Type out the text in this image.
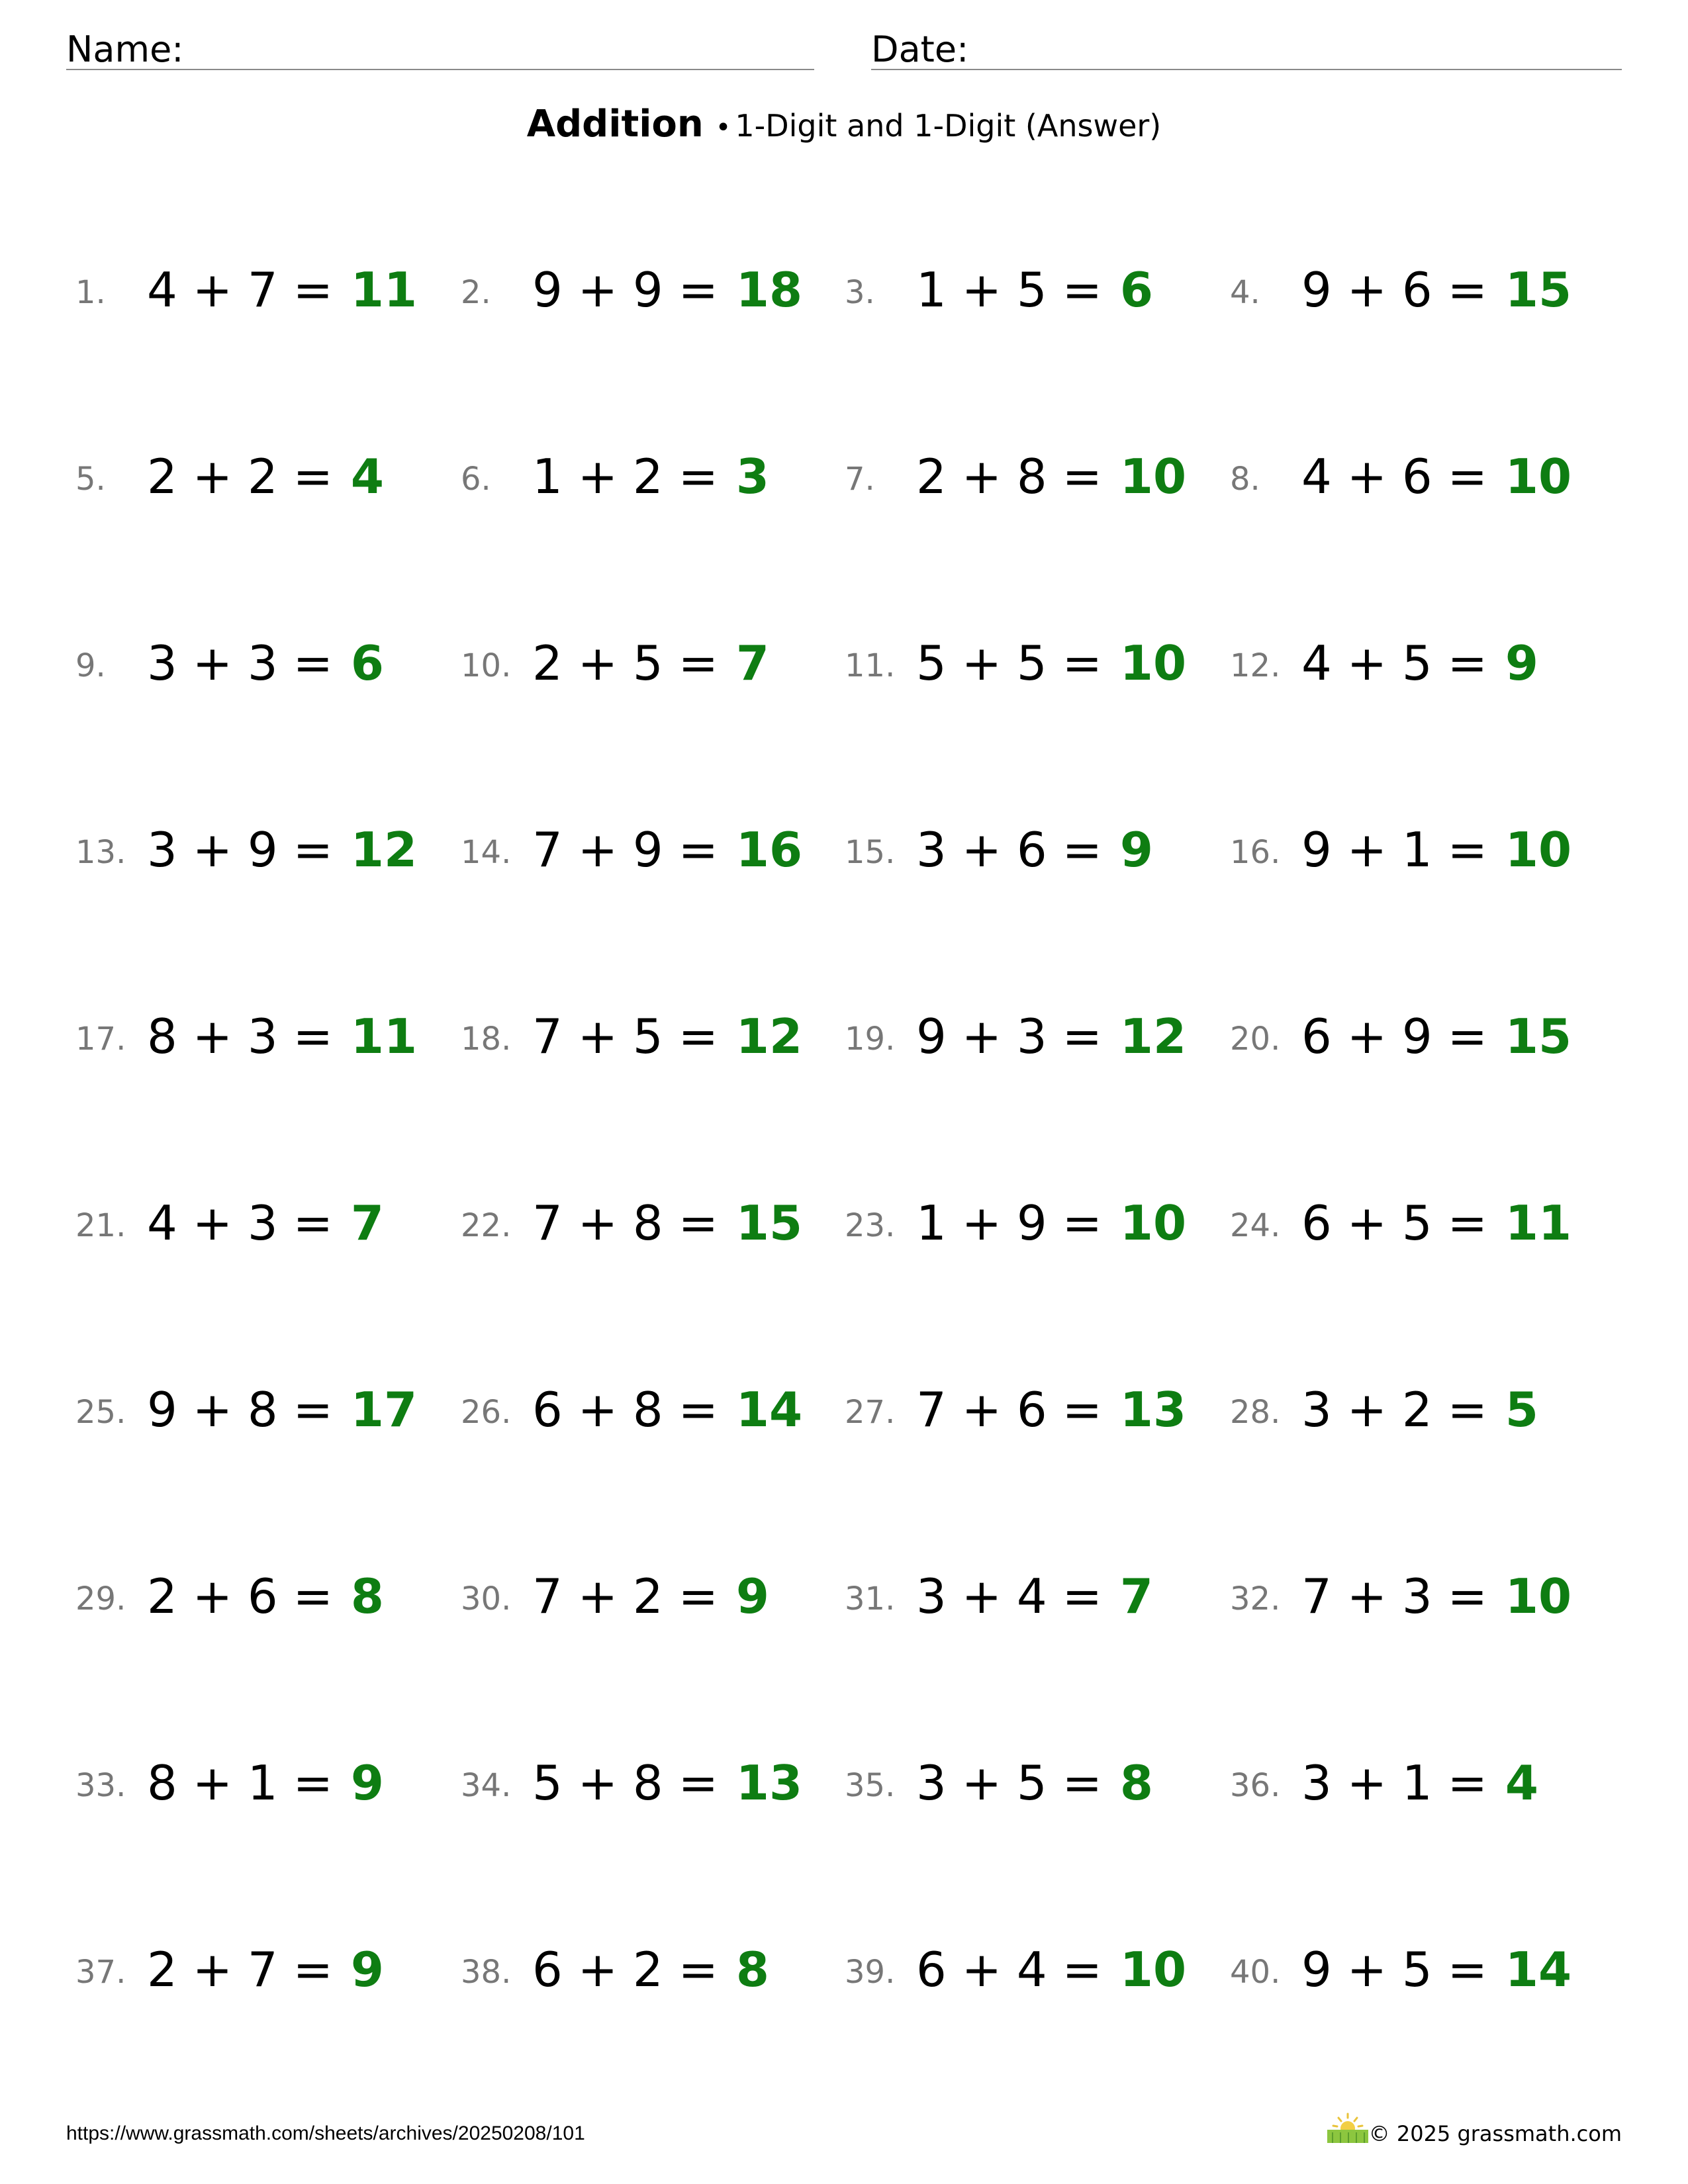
Name:	Date:
Addition • 1-Digit and 1-Digit (Answer)
1. 4 + 7 = 11 2. 9 + 9 = 18 3. 1 + 5 = 6 4. 9 + 6 = 15
5. 2 + 2 = 4 6. 1 + 2 = 3 7. 2 + 8 = 10 8. 4 + 6 = 10
9. 3 + 3 = 6 10. 2 + 5 = 7 11. 5 + 5 = 10 12. 4 + 5 = 9
13. 3 + 9 = 12 14. 7 + 9 = 16 15. 3 + 6 = 9 16. 9 + 1 = 10
17. 8 + 3 = 11 18. 7 + 5 = 12 19. 9 + 3 = 12 20. 6 + 9 = 15
21. 4 + 3 = 7 22. 7 + 8 = 15 23. 1 + 9 = 10 24. 6 + 5 = 11
25. 9 + 8 = 17 26. 6 + 8 = 14 27. 7 + 6 = 13 28. 3 + 2 = 5
29. 2 + 6 = 8 30. 7 + 2 = 9 31. 3 + 4 = 7 32. 7 + 3 = 10
33. 8 + 1 = 9 34. 5 + 8 = 13 35. 3 + 5 = 8 36. 3 + 1 = 4
37. 2 + 7 = 9 38. 6 + 2 = 8 39. 6 + 4 = 10 40. 9 + 5 = 14
https://www.grassmath.com/sheets/archives/20250208/101	© 2025 grassmath.com
